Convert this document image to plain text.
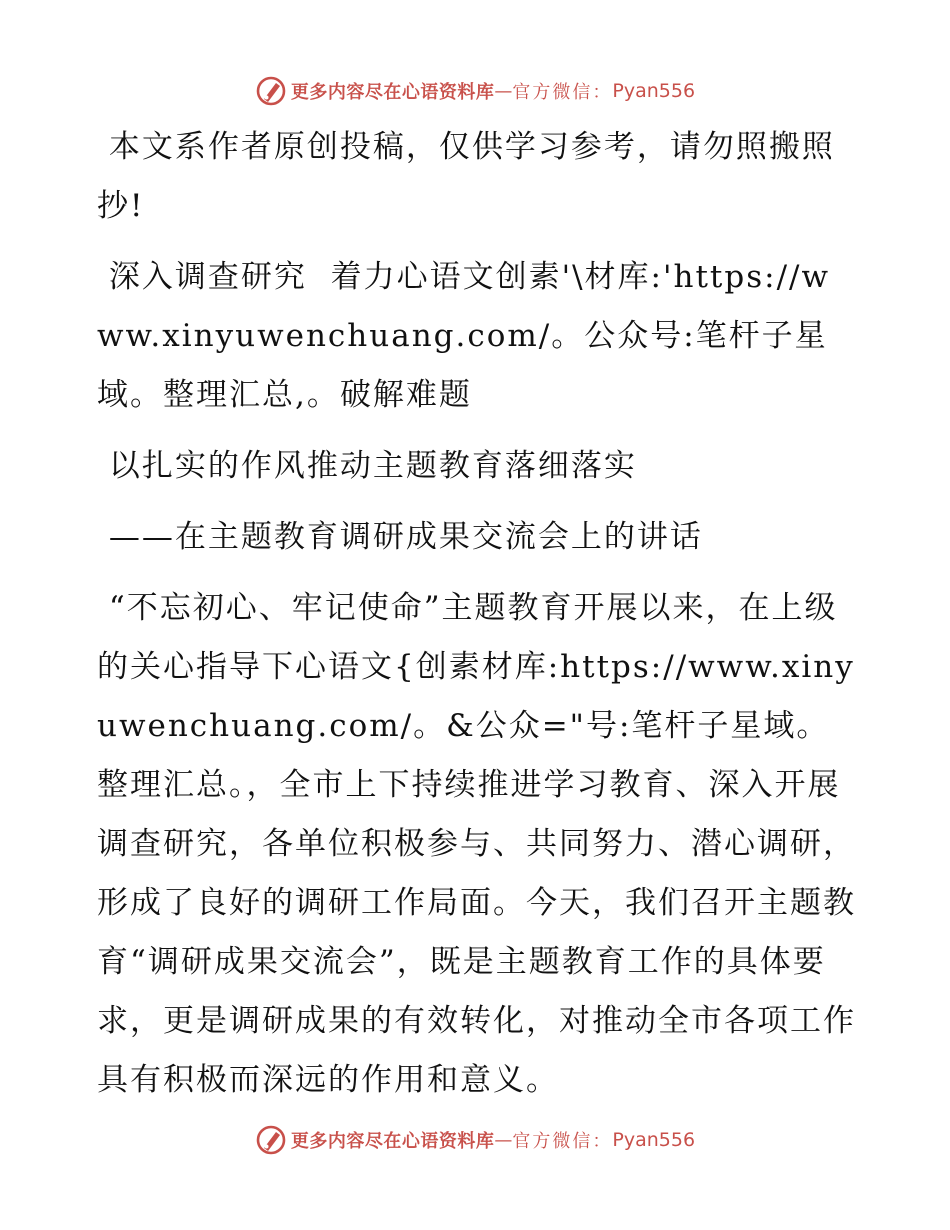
更多内容尽在心语资料库 — 官方微信： Pyan556

本文系作者原创投稿，仅供学习参考，请勿照搬照抄!

深入调查研究  着力心语文创素'\材库:'https://www.xinyuwenchuang.com/。公众号:笔杆子星域。整理汇总,。破解难题

以扎实的作风推动主题教育落细落实

——在主题教育调研成果交流会上的讲话

“不忘初心、牢记使命”主题教育开展以来，在上级的关心指导下心语文{创素材库:https://www.xinyuwenchuang.com/。&公众="号:笔杆子星域。整理汇总。，全市上下持续推进学习教育、深入开展调查研究，各单位积极参与、共同努力、潜心调研，形成了良好的调研工作局面。今天，我们召开主题教育“调研成果交流会”，既是主题教育工作的具体要求，更是调研成果的有效转化，对推动全市各项工作具有积极而深远的作用和意义。

更多内容尽在心语资料库 — 官方微信： Pyan556
